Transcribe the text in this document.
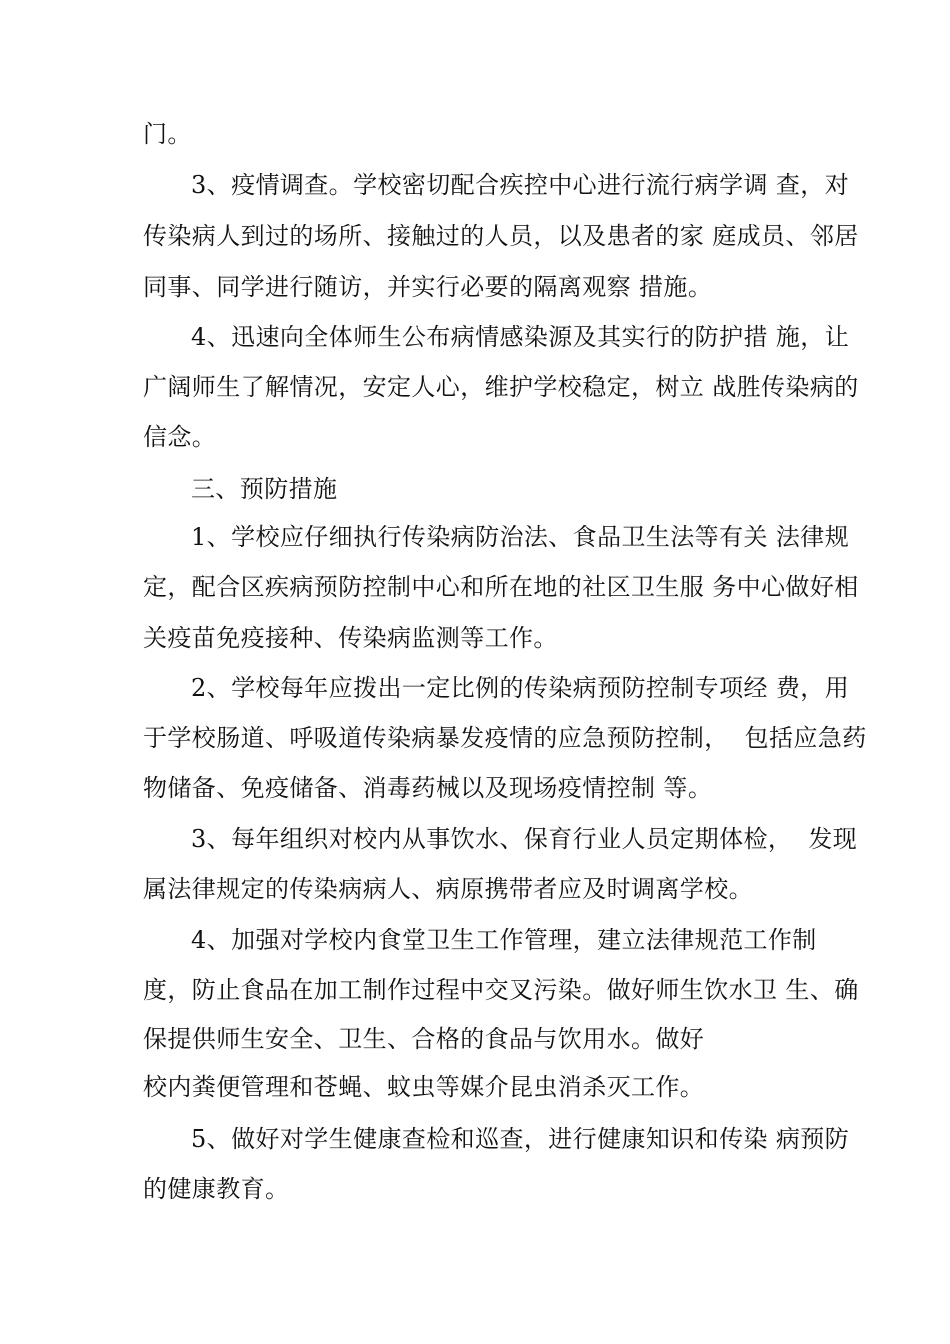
门。
3、疫情调查。学校密切配合疾控中心进行流行病学调 查，对
传染病人到过的场所、接触过的人员，以及患者的家 庭成员、邻居
同事、同学进行随访，并实行必要的隔离观察 措施。
4、迅速向全体师生公布病情感染源及其实行的防护措 施，让
广阔师生了解情况，安定人心，维护学校稳定，树立 战胜传染病的
信念。
三、预防措施
1、学校应仔细执行传染病防治法、食品卫生法等有关 法律规
定，配合区疾病预防控制中心和所在地的社区卫生服 务中心做好相
关疫苗免疫接种、传染病监测等工作。
2、学校每年应拨出一定比例的传染病预防控制专项经 费，用
于学校肠道、呼吸道传染病暴发疫情的应急预防控制，  包括应急药
物储备、免疫储备、消毒药械以及现场疫情控制 等。
3、每年组织对校内从事饮水、保育行业人员定期体检，  发现
属法律规定的传染病病人、病原携带者应及时调离学校。
4、加强对学校内食堂卫生工作管理，建立法律规范工作制
度，防止食品在加工制作过程中交叉污染。做好师生饮水卫 生、确
保提供师生安全、卫生、合格的食品与饮用水。做好
校内粪便管理和苍蝇、蚊虫等媒介昆虫消杀灭工作。
5、做好对学生健康查检和巡查，进行健康知识和传染 病预防
的健康教育。
